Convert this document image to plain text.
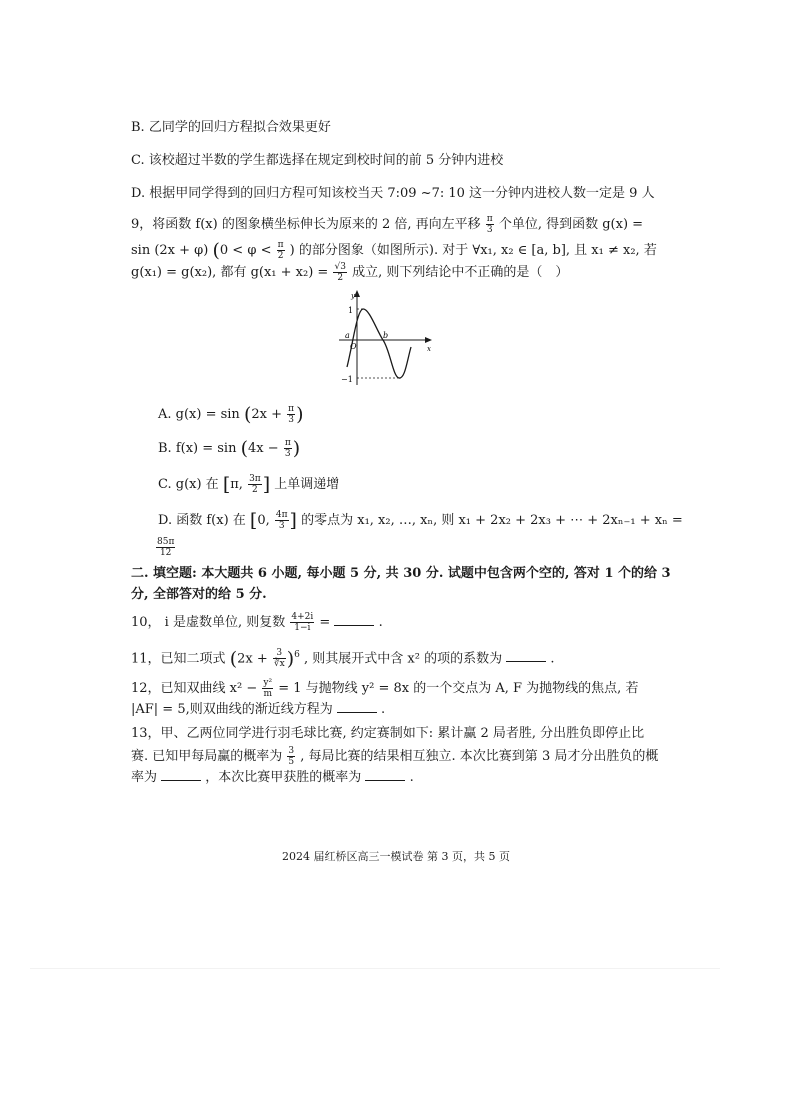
B. 乙同学的回归方程拟合效果更好
C. 该校超过半数的学生都选择在规定到校时间的前 5 分钟内进校
D. 根据甲同学得到的回归方程可知该校当天 7:09 ~7: 10 这一分钟内进校人数一定是 9 人
9，将函数 f(x) 的图象横坐标伸长为原来的 2 倍, 再向左平移 $\frac{\pi}{3}$ 个单位, 得到函数 g(x) =
sin (2x + φ) ($0 < \varphi < \frac{\pi}{2}$ ) 的部分图象（如图所示). 对于 ∀x₁, x₂ ∈ [a, b], 且 x₁ ≠ x₂, 若
g(x₁) = g(x₂), 都有 $g(x_1 + x_2) = \frac{√3}{2}$ 成立, 则下列结论中不正确的是（　）
y
x
1
−1
a	b
O
A. $g(x) = \sin (2x + \frac{\pi}{3}$ )
B. $f(x) = \sin (4x - \frac{\pi}{3}$ )
C. g(x) 在 [π, $\frac{3\pi}{2}$ ] 上单调递增
D. 函数 f(x) 在 [0, $\frac{4\pi}{3}$ ] 的零点为 x₁, x₂, …, xₙ, 则 x₁ + 2x₂ + 2x₃ + ⋯ + 2xₙ₋₁ + xₙ =
$\frac{85\pi}{12}$
二. 填空题: 本大题共 6 小题, 每小题 5 分, 共 30 分. 试题中包含两个空的, 答对 1 个的给 3
分, 全部答对的给 5 分.
10， i 是虚数单位, 则复数 $\frac{4+2i}{1-i}$ =	.
11，已知二项式 $(2x + \frac{3}{∛x} )^6$ , 则其展开式中含 x² 的项的系数为	.
12，已知双曲线 $x^2 - \frac{\text{y²}}{m} = 1$ 与抛物线 y² = 8x 的一个交点为 A, F 为抛物线的焦点, 若
|AF| = 5,则双曲线的渐近线方程为	.
13，甲、乙两位同学进行羽毛球比赛, 约定赛制如下: 累计赢 2 局者胜, 分出胜负即停止比
赛. 已知甲每局赢的概率为 $\frac{3}{5}$ , 每局比赛的结果相互独立. 本次比赛到第 3 局才分出胜负的概
率为	，本次比赛甲获胜的概率为	.
2024 届红桥区高三一模试卷 第 3 页，共 5 页
